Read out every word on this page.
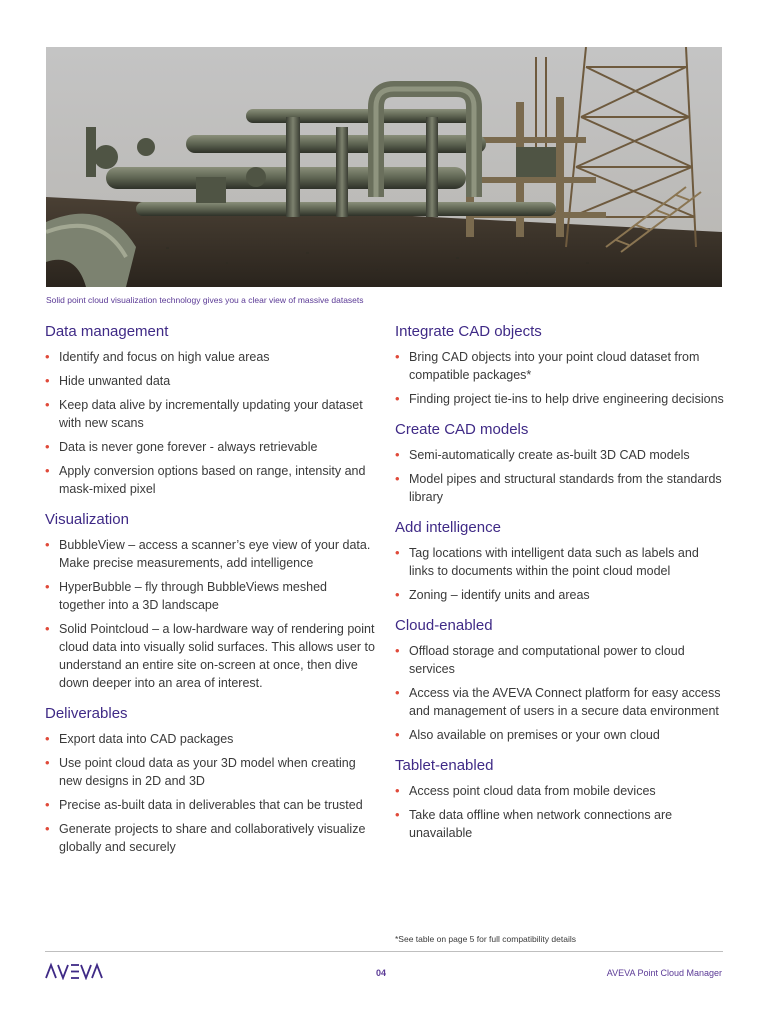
Solid point cloud visualization technology gives you a clear view of massive datasets
Data management
• Identify and focus on high value areas
• Hide unwanted data
• Keep data alive by incrementally updating your dataset with new scans
• Data is never gone forever - always retrievable
• Apply conversion options based on range, intensity and mask-mixed pixel
Visualization
• BubbleView – access a scanner’s eye view of your data. Make precise measurements, add intelligence
• HyperBubble – fly through BubbleViews meshed together into a 3D landscape
• Solid Pointcloud – a low-hardware way of rendering point cloud data into visually solid surfaces. This allows user to understand an entire site on-screen at once, then dive down deeper into an area of interest.
Deliverables
• Export data into CAD packages
• Use point cloud data as your 3D model when creating new designs in 2D and 3D
• Precise as-built data in deliverables that can be trusted
• Generate projects to share and collaboratively visualize globally and securely
Integrate CAD objects
• Bring CAD objects into your point cloud dataset from compatible packages*
• Finding project tie-ins to help drive engineering decisions
Create CAD models
• Semi-automatically create as-built 3D CAD models
• Model pipes and structural standards from the standards library
Add intelligence
• Tag locations with intelligent data such as labels and links to documents within the point cloud model
• Zoning – identify units and areas
Cloud-enabled
• Offload storage and computational power to cloud services
• Access via the AVEVA Connect platform for easy access and management of users in a secure data environment
• Also available on premises or your own cloud
Tablet-enabled
• Access point cloud data from mobile devices
• Take data offline when network connections are unavailable
*See table on page 5 for full compatibility details
04	AVEVA Point Cloud Manager
